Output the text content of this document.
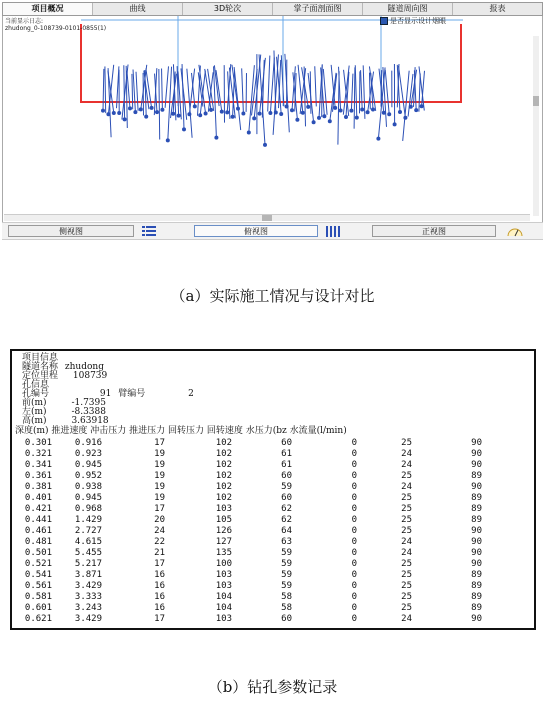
项目概况	曲线	3D轮次	掌子面剖面图	隧道周向图	报表
当前显示日志:
zhudong_0-108739-0101-0855(1)
是否显示设计烟眼
侧视图	俯视图	正视图
（a）实际施工情况与设计对比
项目信息
隧道名称 zhudong
定位里程 108739
孔信息
孔编号	91 臂编号	2
前(m)	-1.7395
左(m)	-8.3388
高(m)	3.63918
深度(m) 推进速度 冲击压力 推进压力 回转压力 回转速度 水压力(bz 水流量(l/min)
0.301	0.916	17	102	60	0	25	90
0.321	0.923	19	102	61	0	24	90
0.341	0.945	19	102	61	0	24	90
0.361	0.952	19	102	60	0	25	89
0.381	0.938	19	102	59	0	24	90
0.401	0.945	19	102	60	0	25	89
0.421	0.968	17	103	62	0	25	89
0.441	1.429	20	105	62	0	25	89
0.461	2.727	24	126	64	0	25	90
0.481	4.615	22	127	63	0	24	90
0.501	5.455	21	135	59	0	24	90
0.521	5.217	17	100	59	0	25	90
0.541	3.871	16	103	59	0	25	89
0.561	3.429	16	103	59	0	25	89
0.581	3.333	16	104	58	0	25	89
0.601	3.243	16	104	58	0	25	89
0.621	3.429	17	103	60	0	24	90
（b）钻孔参数记录
